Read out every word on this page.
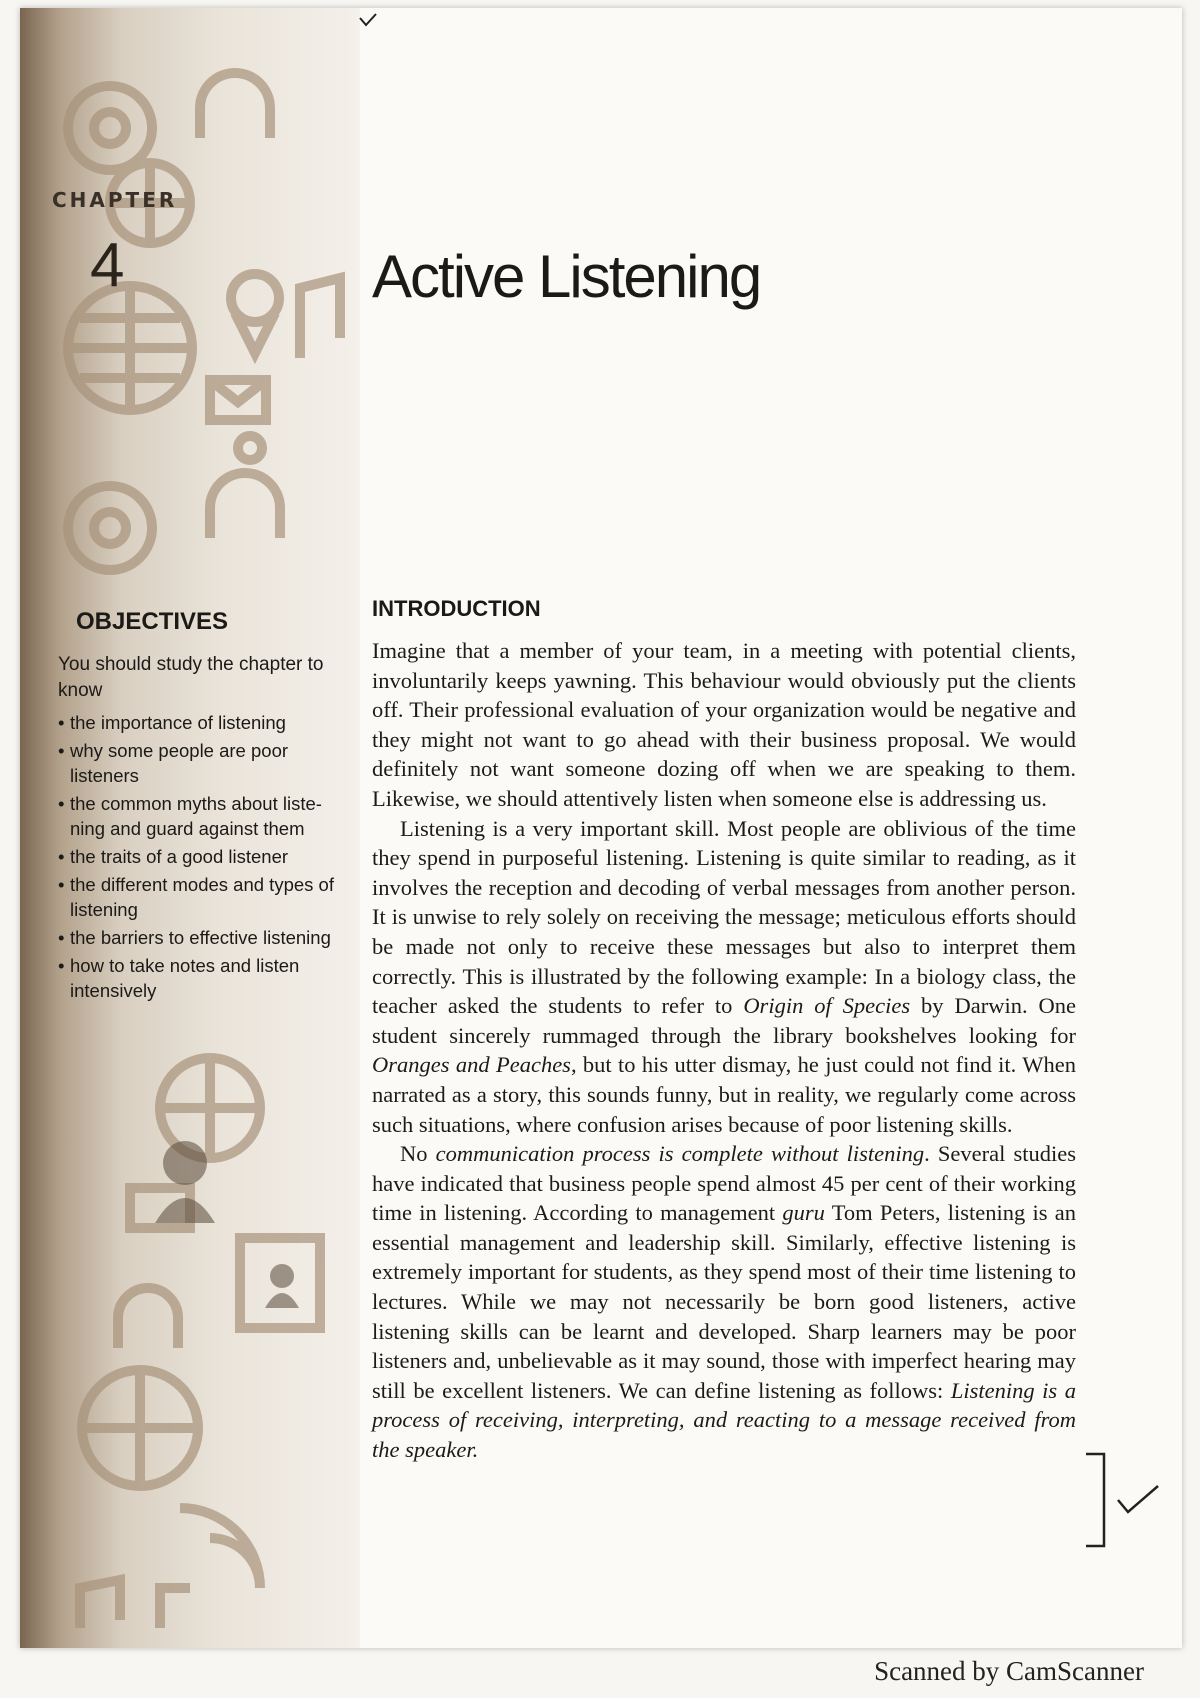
CHAPTER
4
OBJECTIVES

You should study the chapter to know

• the importance of listening
• why some people are poor listeners
• the common myths about liste-ning and guard against them
• the traits of a good listener
• the different modes and types of listening
• the barriers to effective listening
• how to take notes and listen intensively
Active Listening
INTRODUCTION

Imagine that a member of your team, in a meeting with potential clients, involuntarily keeps yawning. This behaviour would obviously put the clients off. Their professional evaluation of your organization would be negative and they might not want to go ahead with their business proposal. We would definitely not want someone dozing off when we are speaking to them. Likewise, we should attentively listen when someone else is addressing us.

Listening is a very important skill. Most people are oblivious of the time they spend in purposeful listening. Listening is quite similar to reading, as it involves the reception and decoding of verbal messages from another person. It is unwise to rely solely on receiving the message; meticulous efforts should be made not only to receive these messages but also to interpret them correctly. This is illustrated by the following example: In a biology class, the teacher asked the students to refer to Origin of Species by Darwin. One student sincerely rummaged through the library bookshelves looking for Oranges and Peaches, but to his utter dismay, he just could not find it. When narrated as a story, this sounds funny, but in reality, we regularly come across such situations, where confusion arises because of poor listening skills.

No communication process is complete without listening. Several studies have indicated that business people spend almost 45 per cent of their working time in listening. According to management guru Tom Peters, listening is an essential management and leadership skill. Similarly, effective listening is extremely important for students, as they spend most of their time listening to lectures. While we may not necessarily be born good listeners, active listening skills can be learnt and developed. Sharp learners may be poor listeners and, unbelievable as it may sound, those with imperfect hearing may still be excellent listeners. We can define listening as follows: Listening is a process of receiving, interpreting, and reacting to a message received from the speaker.

Scanned by CamScanner
